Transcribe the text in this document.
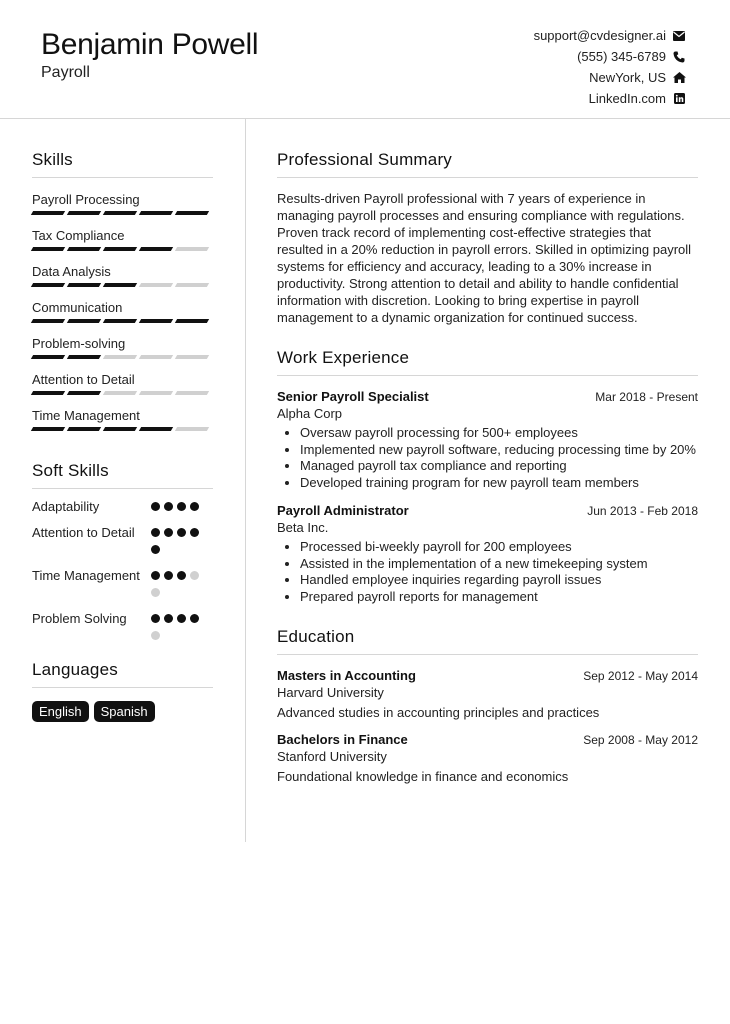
Benjamin Powell
Payroll
support@cvdesigner.ai
(555) 345-6789
NewYork, US
LinkedIn.com
Skills
Payroll Processing
Tax Compliance
Data Analysis
Communication
Problem-solving
Attention to Detail
Time Management
Soft Skills
Adaptability
Attention to Detail
Time Management
Problem Solving
Languages
English	Spanish
Professional Summary
Results-driven Payroll professional with 7 years of experience in managing payroll processes and ensuring compliance with regulations. Proven track record of implementing cost-effective strategies that resulted in a 20% reduction in payroll errors. Skilled in optimizing payroll systems for efficiency and accuracy, leading to a 30% increase in productivity. Strong attention to detail and ability to handle confidential information with discretion. Looking to bring expertise in payroll management to a dynamic organization for continued success.
Work Experience
Senior Payroll Specialist	Mar 2018 - Present
Alpha Corp
• Oversaw payroll processing for 500+ employees
• Implemented new payroll software, reducing processing time by 20%
• Managed payroll tax compliance and reporting
• Developed training program for new payroll team members
Payroll Administrator	Jun 2013 - Feb 2018
Beta Inc.
• Processed bi-weekly payroll for 200 employees
• Assisted in the implementation of a new timekeeping system
• Handled employee inquiries regarding payroll issues
• Prepared payroll reports for management
Education
Masters in Accounting	Sep 2012 - May 2014
Harvard University
Advanced studies in accounting principles and practices
Bachelors in Finance	Sep 2008 - May 2012
Stanford University
Foundational knowledge in finance and economics
